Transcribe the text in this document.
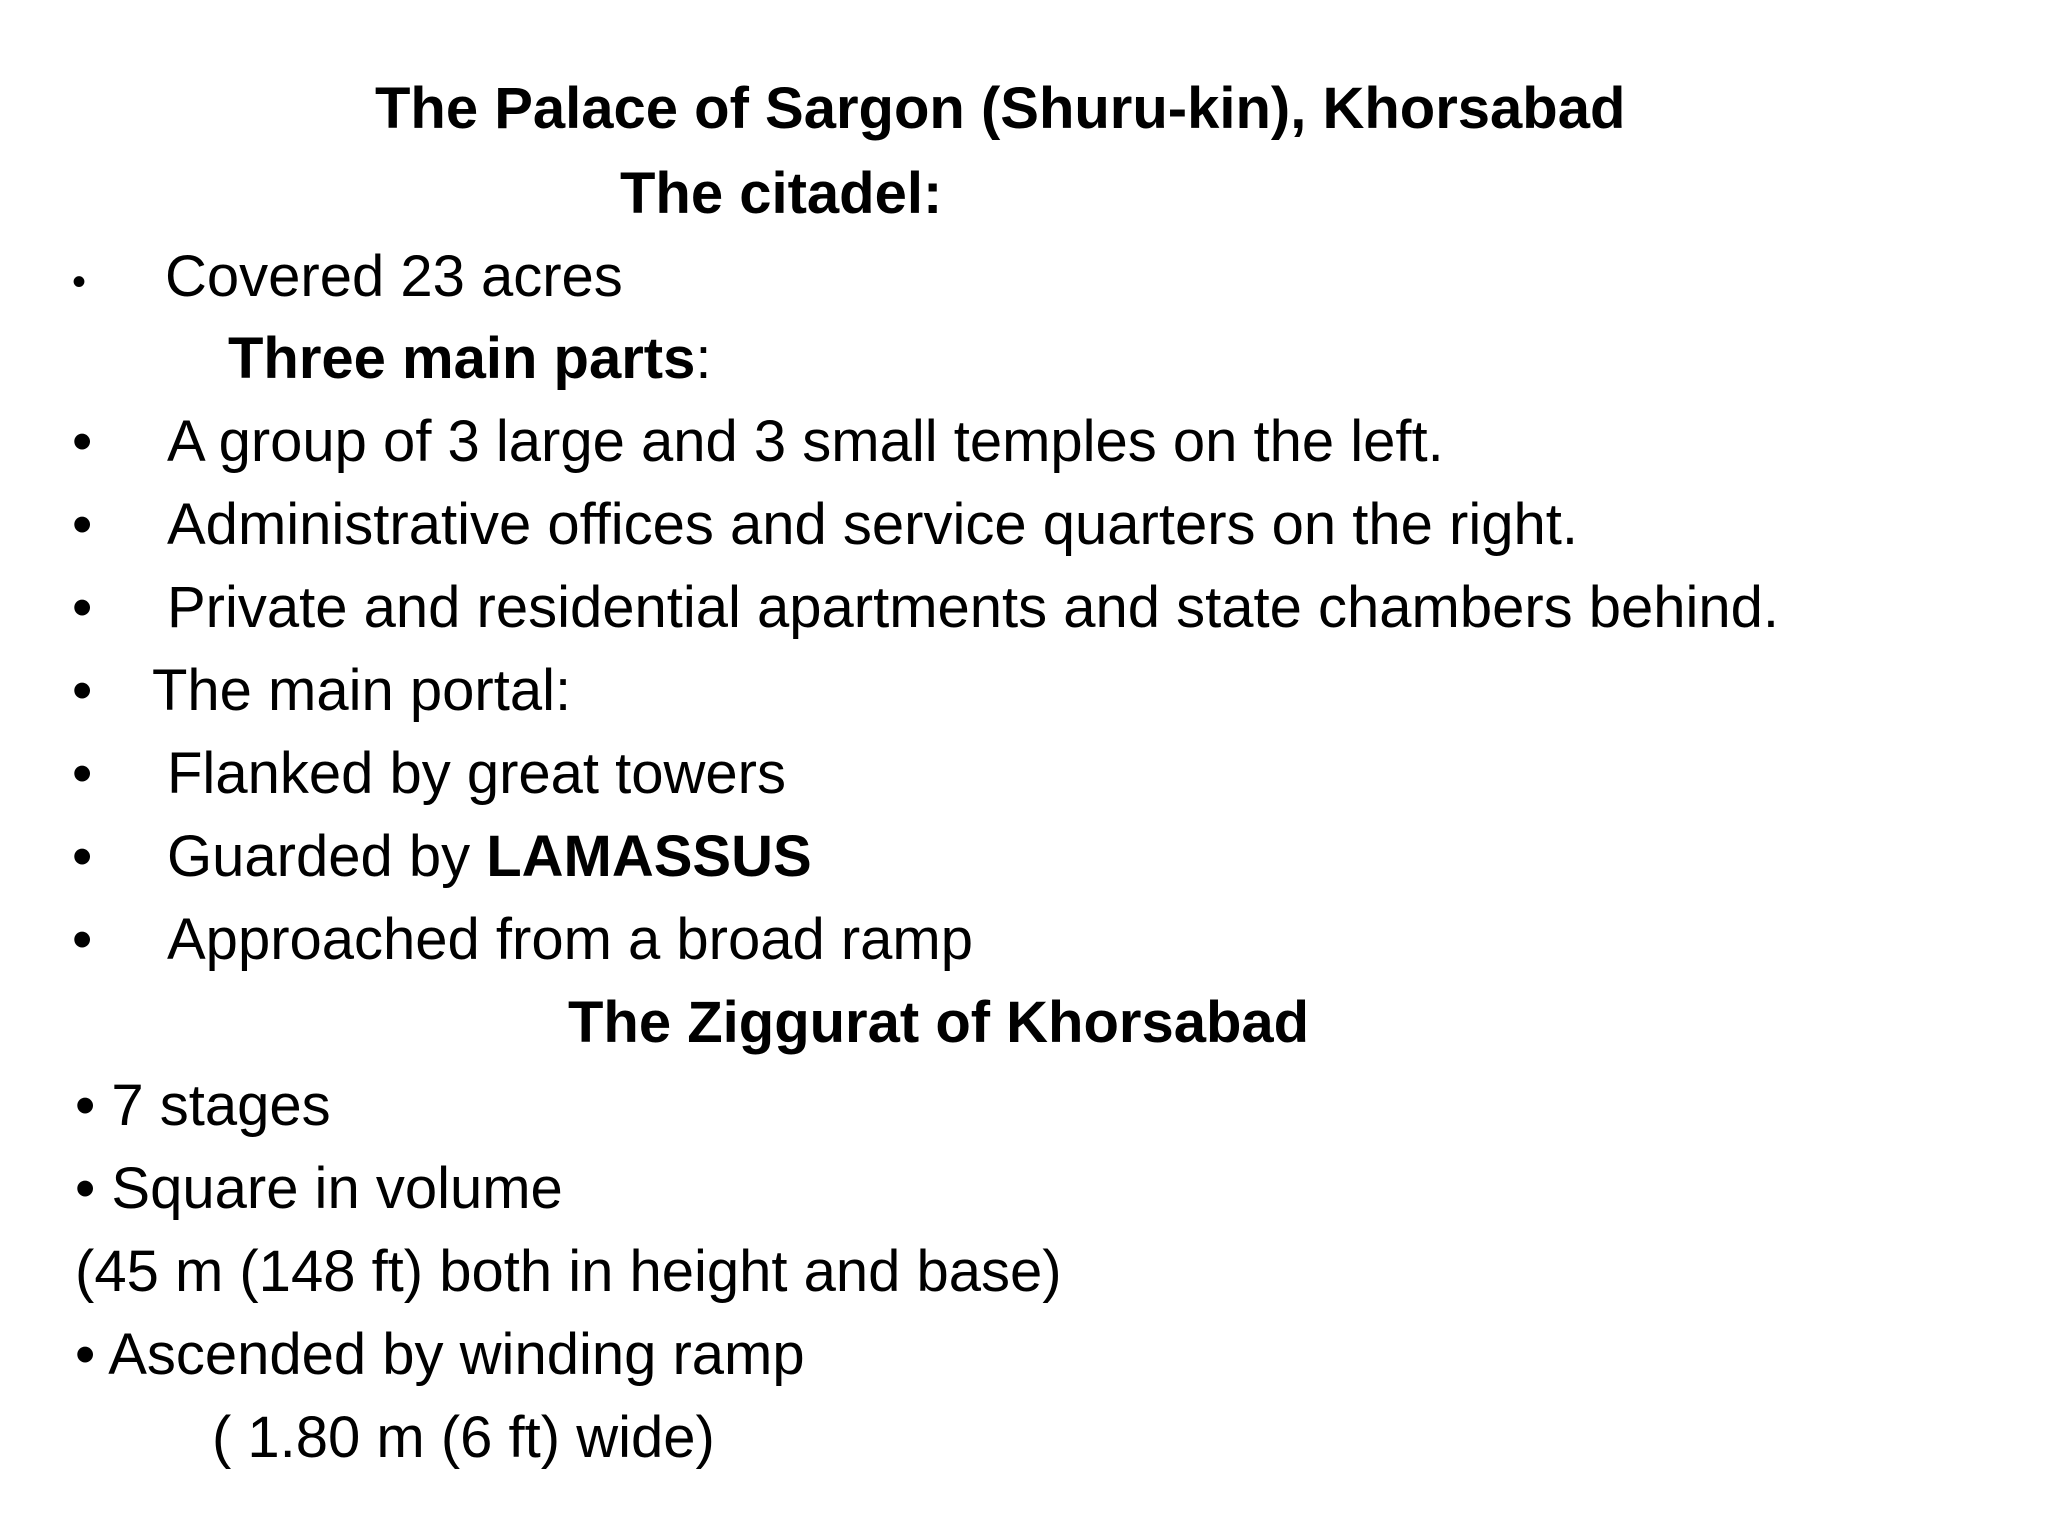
The Palace of Sargon (Shuru-kin), Khorsabad
The citadel:
• Covered 23 acres
Three main parts:
• A group of 3 large and 3 small temples on the left.
• Administrative offices and service quarters on the right.
• Private and residential apartments and state chambers behind.
• The main portal:
• Flanked by great towers
• Guarded by LAMASSUS
• Approached from a broad ramp
The Ziggurat of Khorsabad
• 7 stages
• Square in volume
(45 m (148 ft) both in height and base)
• Ascended by winding ramp
( 1.80 m (6 ft) wide)
